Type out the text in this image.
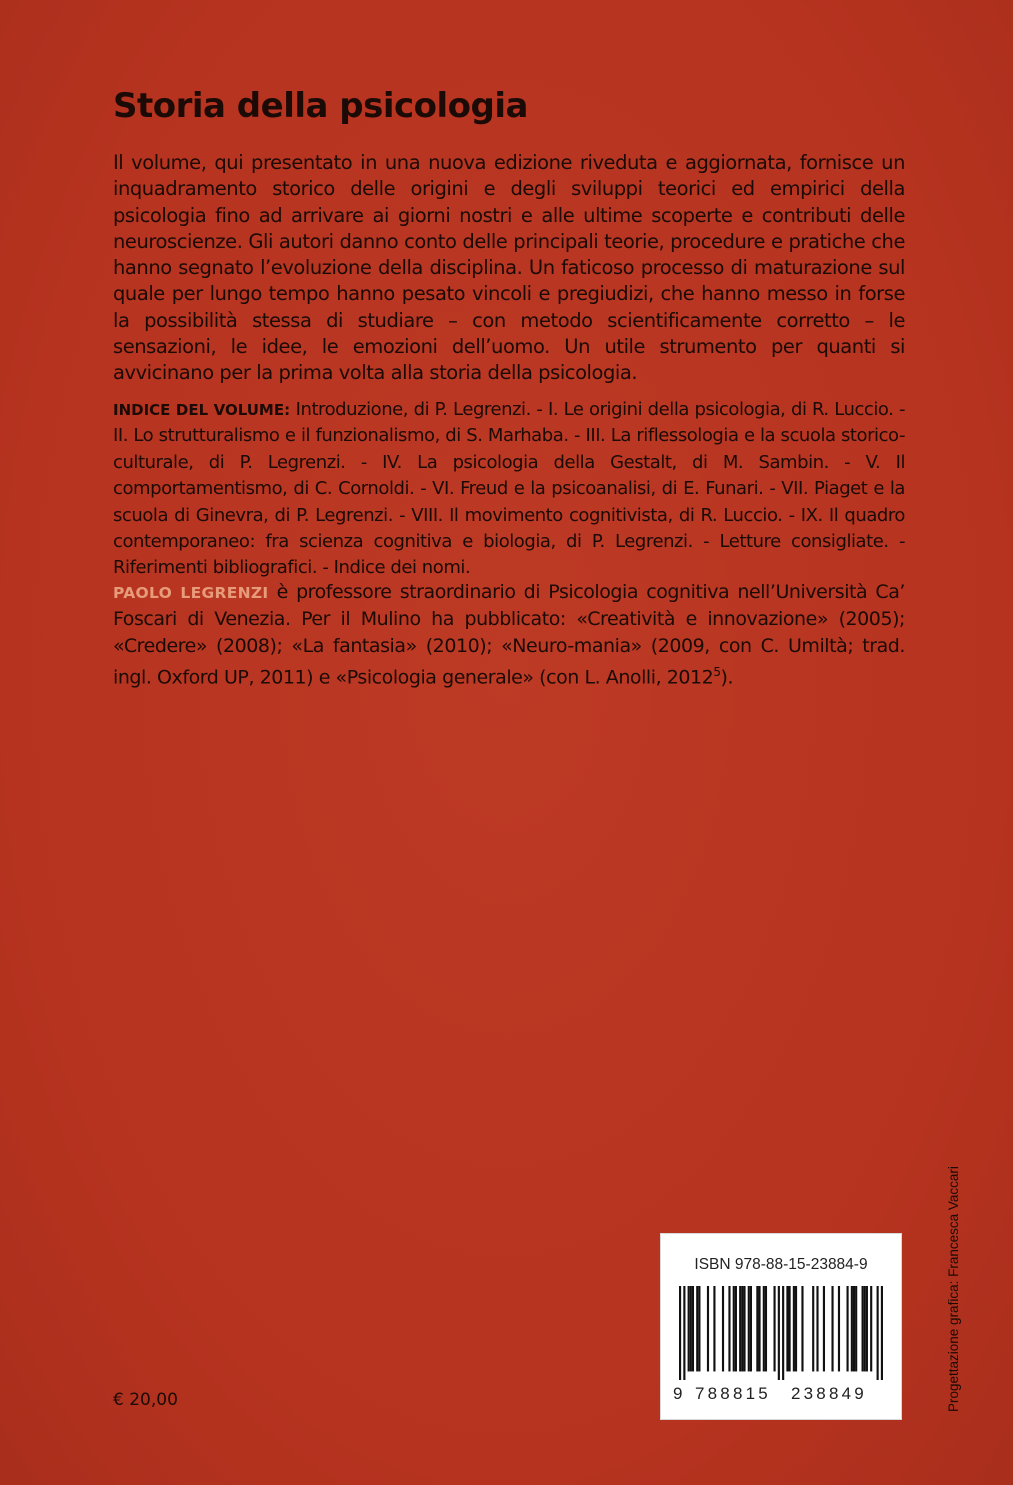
Storia della psicologia

Il volume, qui presentato in una nuova edizione riveduta e aggiornata, fornisce un inquadramento storico delle origini e degli sviluppi teorici ed empirici della psicologia fino ad arrivare ai giorni nostri e alle ultime scoperte e contributi delle neuroscienze. Gli autori danno conto delle principali teorie, procedure e pratiche che hanno segnato l’evoluzione della disciplina. Un faticoso processo di maturazione sul quale per lungo tempo hanno pesato vincoli e pregiudizi, che hanno messo in forse la possibilità stessa di studiare – con metodo scientificamente corretto – le sensazioni, le idee, le emozioni dell’uomo. Un utile strumento per quanti si avvicinano per la prima volta alla storia della psicologia.

INDICE DEL VOLUME: Introduzione, di P. Legrenzi. - I. Le origini della psicologia, di R. Luccio. - II. Lo strutturalismo e il funzionalismo, di S. Marhaba. - III. La riflessologia e la scuola storico-culturale, di P. Legrenzi. - IV. La psicologia della Gestalt, di M. Sambin. - V. Il comportamentismo, di C. Cornoldi. - VI. Freud e la psicoanalisi, di E. Funari. - VII. Piaget e la scuola di Ginevra, di P. Legrenzi. - VIII. Il movimento cognitivista, di R. Luccio. - IX. Il quadro contemporaneo: fra scienza cognitiva e biologia, di P. Legrenzi. - Letture consigliate. - Riferimenti bibliografici. - Indice dei nomi.

PAOLO LEGRENZI è professore straordinario di Psicologia cognitiva nell’Università Ca’ Foscari di Venezia. Per il Mulino ha pubblicato: «Creatività e innovazione» (2005); «Credere» (2008); «La fantasia» (2010); «Neuro-mania» (2009, con C. Umiltà; trad. ingl. Oxford UP, 2011) e «Psicologia generale» (con L. Anolli, 2012$^5$).

€ 20,00
ISBN 978-88-15-23884-9
9 788815 238849	Progettazione grafica: Francesca Vaccari
